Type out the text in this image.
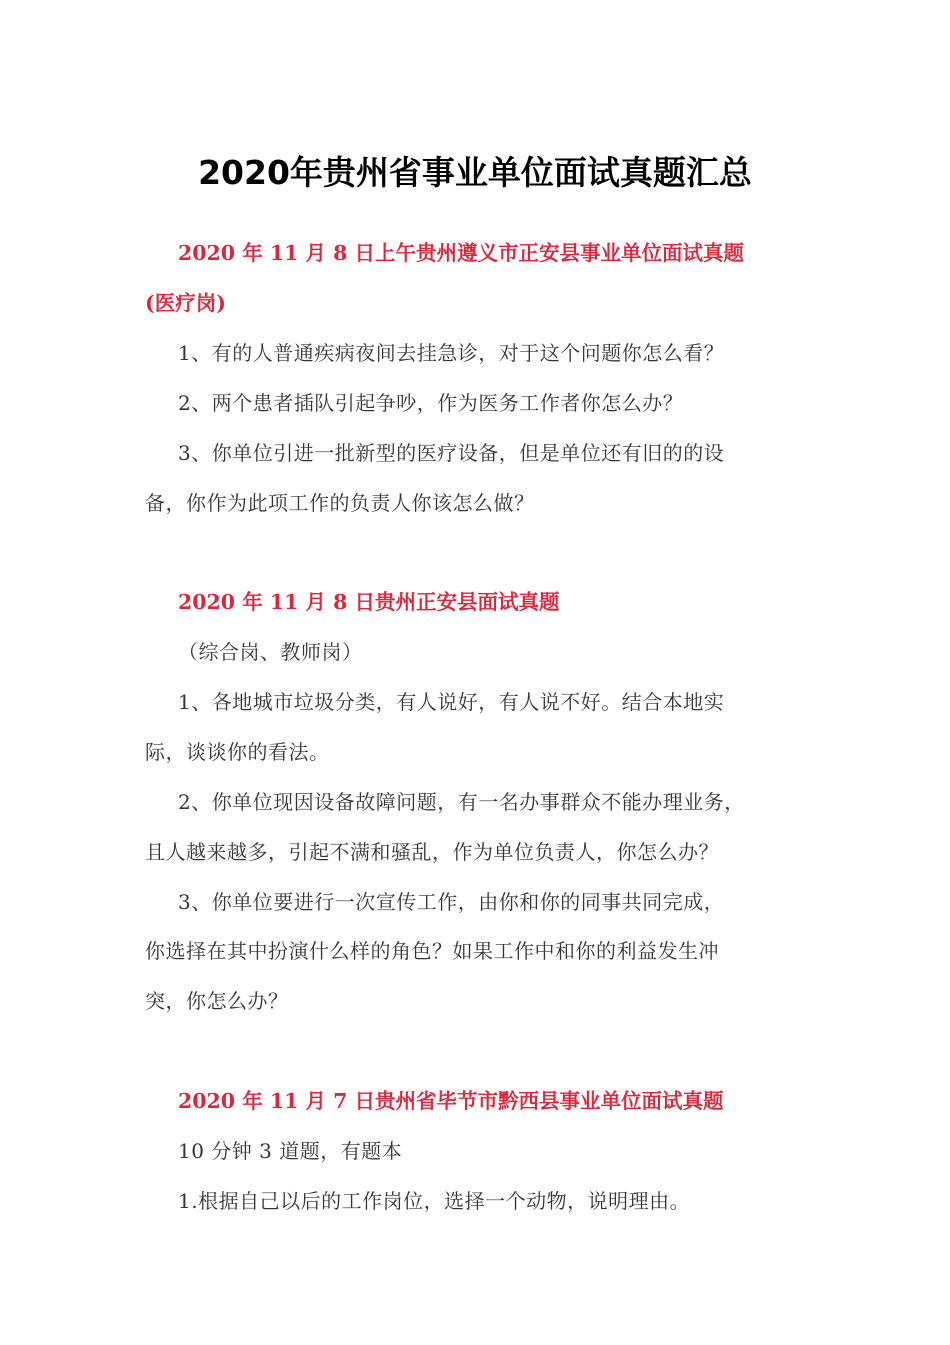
2020年贵州省事业单位面试真题汇总

2020 年 11 月 8 日上午贵州遵义市正安县事业单位面试真题

(医疗岗)

1、有的人普通疾病夜间去挂急诊，对于这个问题你怎么看？

2、两个患者插队引起争吵，作为医务工作者你怎么办？

3、你单位引进一批新型的医疗设备，但是单位还有旧的的设

备，你作为此项工作的负责人你该怎么做？

2020 年 11 月 8 日贵州正安县面试真题

（综合岗、教师岗）

1、各地城市垃圾分类，有人说好，有人说不好。结合本地实

际，谈谈你的看法。

2、你单位现因设备故障问题，有一名办事群众不能办理业务，

且人越来越多，引起不满和骚乱，作为单位负责人，你怎么办？

3、你单位要进行一次宣传工作，由你和你的同事共同完成，

你选择在其中扮演什么样的角色？如果工作中和你的利益发生冲

突，你怎么办？

2020 年 11 月 7 日贵州省毕节市黔西县事业单位面试真题

10 分钟 3 道题，有题本

1.根据自己以后的工作岗位，选择一个动物，说明理由。
